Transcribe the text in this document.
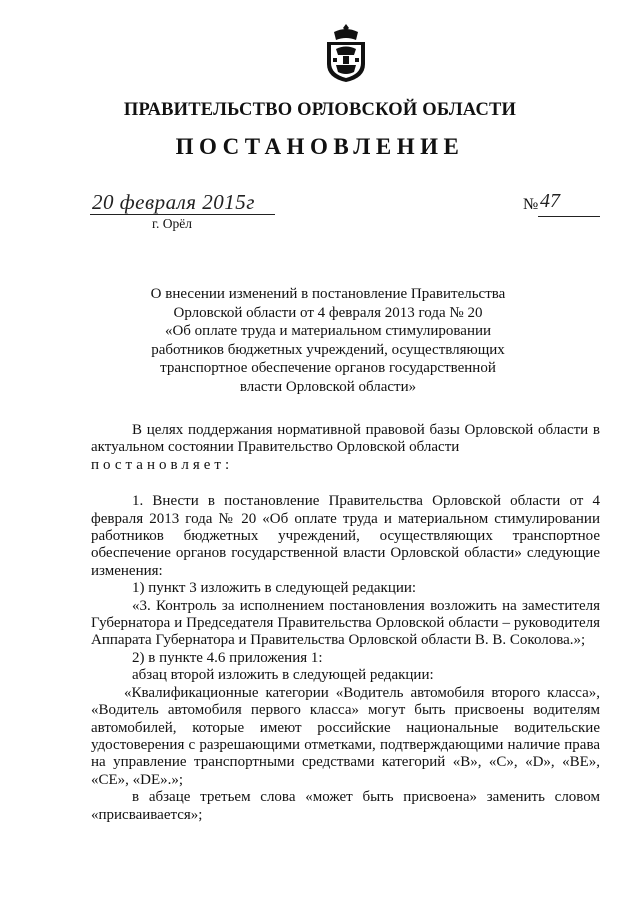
ПРАВИТЕЛЬСТВО ОРЛОВСКОЙ ОБЛАСТИ
ПОСТАНОВЛЕНИЕ
20 февраля 2015г
г. Орёл
№ 47
О внесении изменений в постановление Правительства
Орловской области от 4 февраля 2013 года № 20
«Об оплате труда и материальном стимулировании
работников бюджетных учреждений, осуществляющих
транспортное обеспечение органов государственной
власти Орловской области»

В целях поддержания нормативной правовой базы Орловской области в актуальном состоянии Правительство Орловской области

постановляет:

1. Внести в постановление Правительства Орловской области от 4 февраля 2013 года № 20 «Об оплате труда и материальном стимулировании работников бюджетных учреждений, осуществляющих транспортное обеспечение органов государственной власти Орловской области» следующие изменения:

1) пункт 3 изложить в следующей редакции:

«3. Контроль за исполнением постановления возложить на заместителя Губернатора и Председателя Правительства Орловской области – руководителя Аппарата Губернатора и Правительства Орловской области В. В. Соколова.»;

2) в пункте 4.6 приложения 1:

абзац второй изложить в следующей редакции:

«Квалификационные категории «Водитель автомобиля второго класса», «Водитель автомобиля первого класса» могут быть присвоены водителям автомобилей, которые имеют российские национальные водительские удостоверения с разрешающими отметками, подтверждающими наличие права на управление транспортными средствами категорий «B», «C», «D», «BE», «CE», «DE».»;

в абзаце третьем слова «может быть присвоена» заменить словом «присваивается»;
